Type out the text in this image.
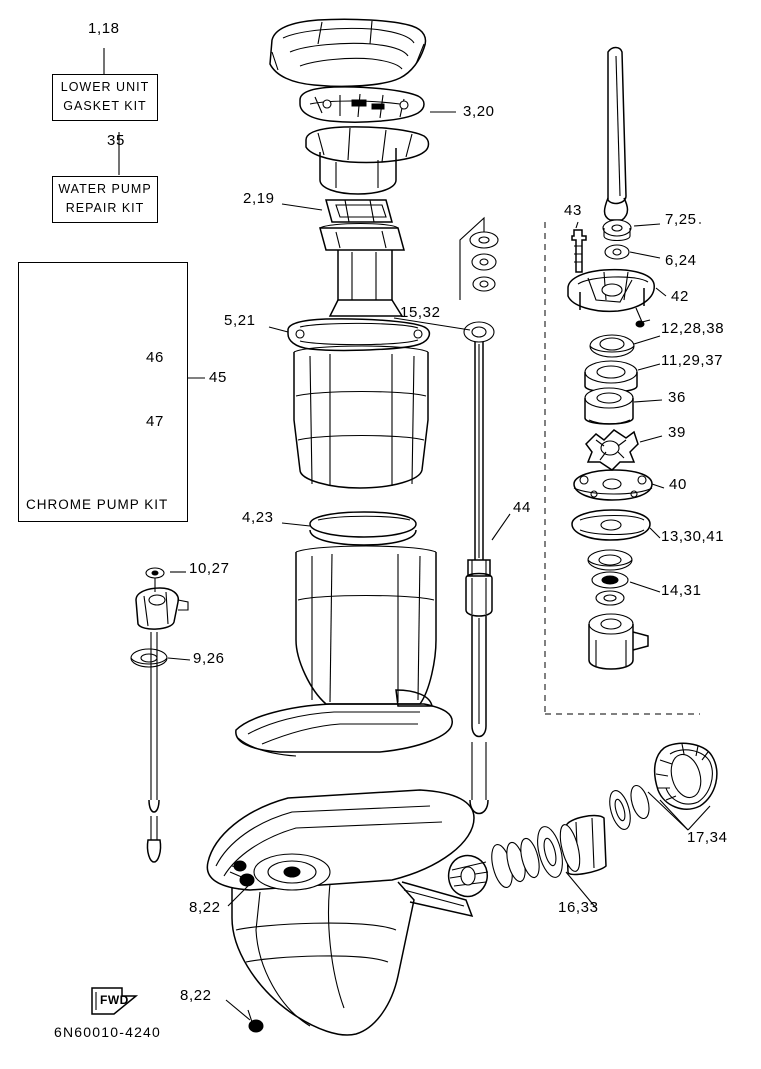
LOWER UNIT
GASKET KIT
WATER PUMP
REPAIR KIT
CHROME PUMP KIT
1,18
35
3,20
2,19
43
7,25
6,24
42
15,32
12,28,38
5,21
11,29,37
46
45
36
39
47
40
44
4,23
13,30,41
10,27
14,31
9,26
17,34
16,33
8,22
8,22
FWD
6N60010-4240
